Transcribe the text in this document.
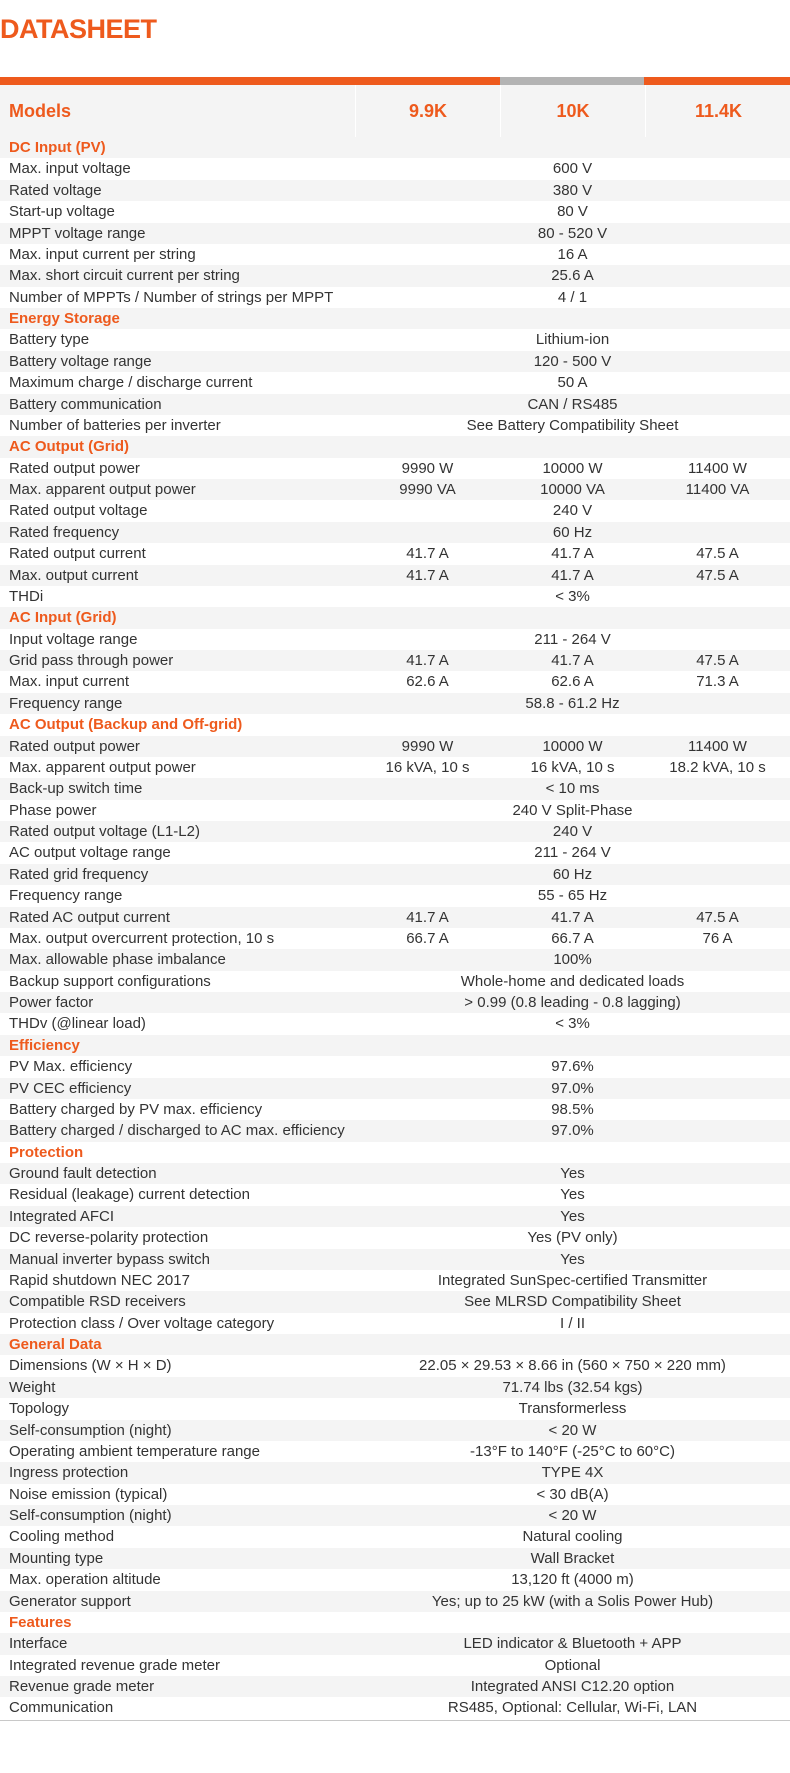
DATASHEET
Models	9.9K	10K	11.4K
DC Input (PV)
Max. input voltage	600 V
Rated voltage	380 V
Start-up voltage	80 V
MPPT voltage range	80 - 520 V
Max. input current per string	16 A
Max. short circuit current per string	25.6 A
Number of MPPTs / Number of strings per MPPT	4 / 1
Energy Storage
Battery type	Lithium-ion
Battery voltage range	120 - 500 V
Maximum charge / discharge current	50 A
Battery communication	CAN / RS485
Number of batteries per inverter	See Battery Compatibility Sheet
AC Output (Grid)
Rated output power	9990 W	10000 W	11400 W
Max. apparent output power	9990 VA	10000 VA	11400 VA
Rated output voltage	240 V
Rated frequency	60 Hz
Rated output current	41.7 A	41.7 A	47.5 A
Max. output current	41.7 A	41.7 A	47.5 A
THDi	< 3%
AC Input (Grid)
Input voltage range	211 - 264 V
Grid pass through power	41.7 A	41.7 A	47.5 A
Max. input current	62.6 A	62.6 A	71.3 A
Frequency range	58.8 - 61.2 Hz
AC Output (Backup and Off-grid)
Rated output power	9990 W	10000 W	11400 W
Max. apparent output power	16 kVA, 10 s	16 kVA, 10 s	18.2 kVA, 10 s
Back-up switch time	< 10 ms
Phase power	240 V Split-Phase
Rated output voltage (L1-L2)	240 V
AC output voltage range	211 - 264 V
Rated grid frequency	60 Hz
Frequency range	55 - 65 Hz
Rated AC output current	41.7 A	41.7 A	47.5 A
Max. output overcurrent protection, 10 s	66.7 A	66.7 A	76 A
Max. allowable phase imbalance	100%
Backup support configurations	Whole-home and dedicated loads
Power factor	> 0.99 (0.8 leading - 0.8 lagging)
THDv (@linear load)	< 3%
Efficiency
PV Max. efficiency	97.6%
PV CEC efficiency	97.0%
Battery charged by PV max. efficiency	98.5%
Battery charged / discharged to AC max. efficiency	97.0%
Protection
Ground fault detection	Yes
Residual (leakage) current detection	Yes
Integrated AFCI	Yes
DC reverse-polarity protection	Yes (PV only)
Manual inverter bypass switch	Yes
Rapid shutdown NEC 2017	Integrated SunSpec-certified Transmitter
Compatible RSD receivers	See MLRSD Compatibility Sheet
Protection class / Over voltage category	I / II
General Data
Dimensions (W × H × D)	22.05 × 29.53 × 8.66 in (560 × 750 × 220 mm)
Weight	71.74 lbs (32.54 kgs)
Topology	Transformerless
Self-consumption (night)	< 20 W
Operating ambient temperature range	-13°F to 140°F (-25°C to 60°C)
Ingress protection	TYPE 4X
Noise emission (typical)	< 30 dB(A)
Self-consumption (night)	< 20 W
Cooling method	Natural cooling
Mounting type	Wall Bracket
Max. operation altitude	13,120 ft (4000 m)
Generator support	Yes; up to 25 kW (with a Solis Power Hub)
Features
Interface	LED indicator & Bluetooth + APP
Integrated revenue grade meter	Optional
Revenue grade meter	Integrated ANSI C12.20 option
Communication	RS485, Optional: Cellular, Wi-Fi, LAN
